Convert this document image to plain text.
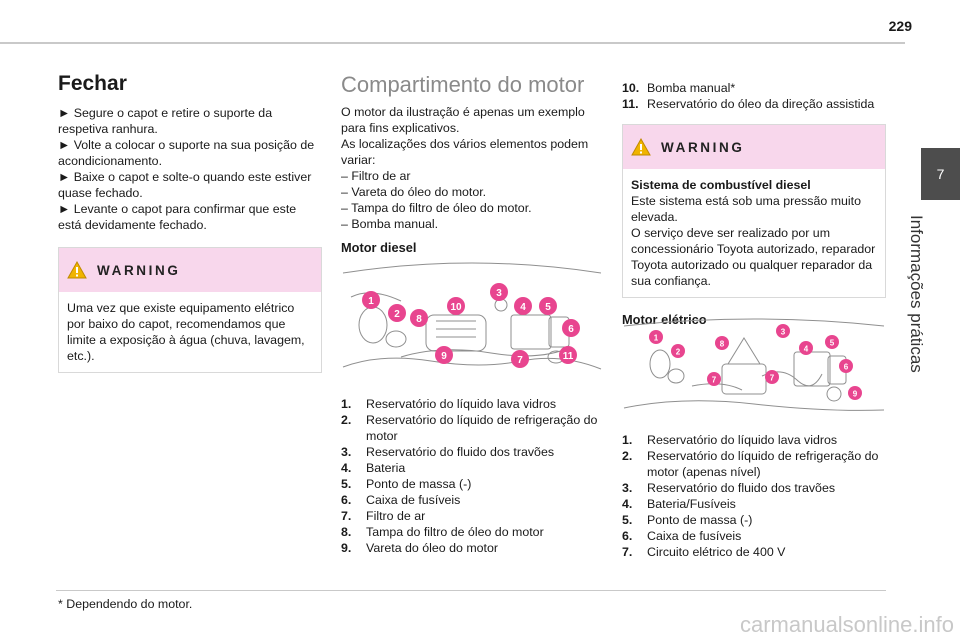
229
7
Informações práticas
Fechar

► Segure o capot e retire o suporte da respetiva ranhura.

► Volte a colocar o suporte na sua posição de acondicionamento.

► Baixe o capot e solte-o quando este estiver quase fechado.

► Levante o capot para confirmar que este está devidamente fechado.

WARNING
Uma vez que existe equipamento elétrico por baixo do capot, recomendamos que limite a exposição à água (chuva, lavagem, etc.).
Compartimento do motor

O motor da ilustração é apenas um exemplo para fins explicativos.

As localizações dos vários elementos podem variar:

– Filtro de ar
– Vareta do óleo do motor.
– Tampa do filtro de óleo do motor.
– Bomba manual.
Motor diesel
1
2 8
10
3
4 5
6
9	7	11
1.	Reservatório do líquido lava vidros
2.	Reservatório do líquido de refrigeração do motor
3.	Reservatório do fluido dos travões
4.	Bateria
5.	Ponto de massa (-)
6.	Caixa de fusíveis
7.	Filtro de ar
8.	Tampa do filtro de óleo do motor
9.	Vareta do óleo do motor
10. Bomba manual*
11. Reservatório do óleo da direção assistida
WARNING
Sistema de combustível diesel
Este sistema está sob uma pressão muito elevada.
O serviço deve ser realizado por um concessionário Toyota autorizado, reparador Toyota autorizado ou qualquer reparador da sua confiança.
Motor elétrico
1
2
8
3
4
5
6
7	7
9
1.	Reservatório do líquido lava vidros
2.	Reservatório do líquido de refrigeração do motor (apenas nível)
3.	Reservatório do fluido dos travões
4.	Bateria/Fusíveis
5.	Ponto de massa (-)
6.	Caixa de fusíveis
7.	Circuito elétrico de 400 V
* Dependendo do motor.
carmanualsonline.info
